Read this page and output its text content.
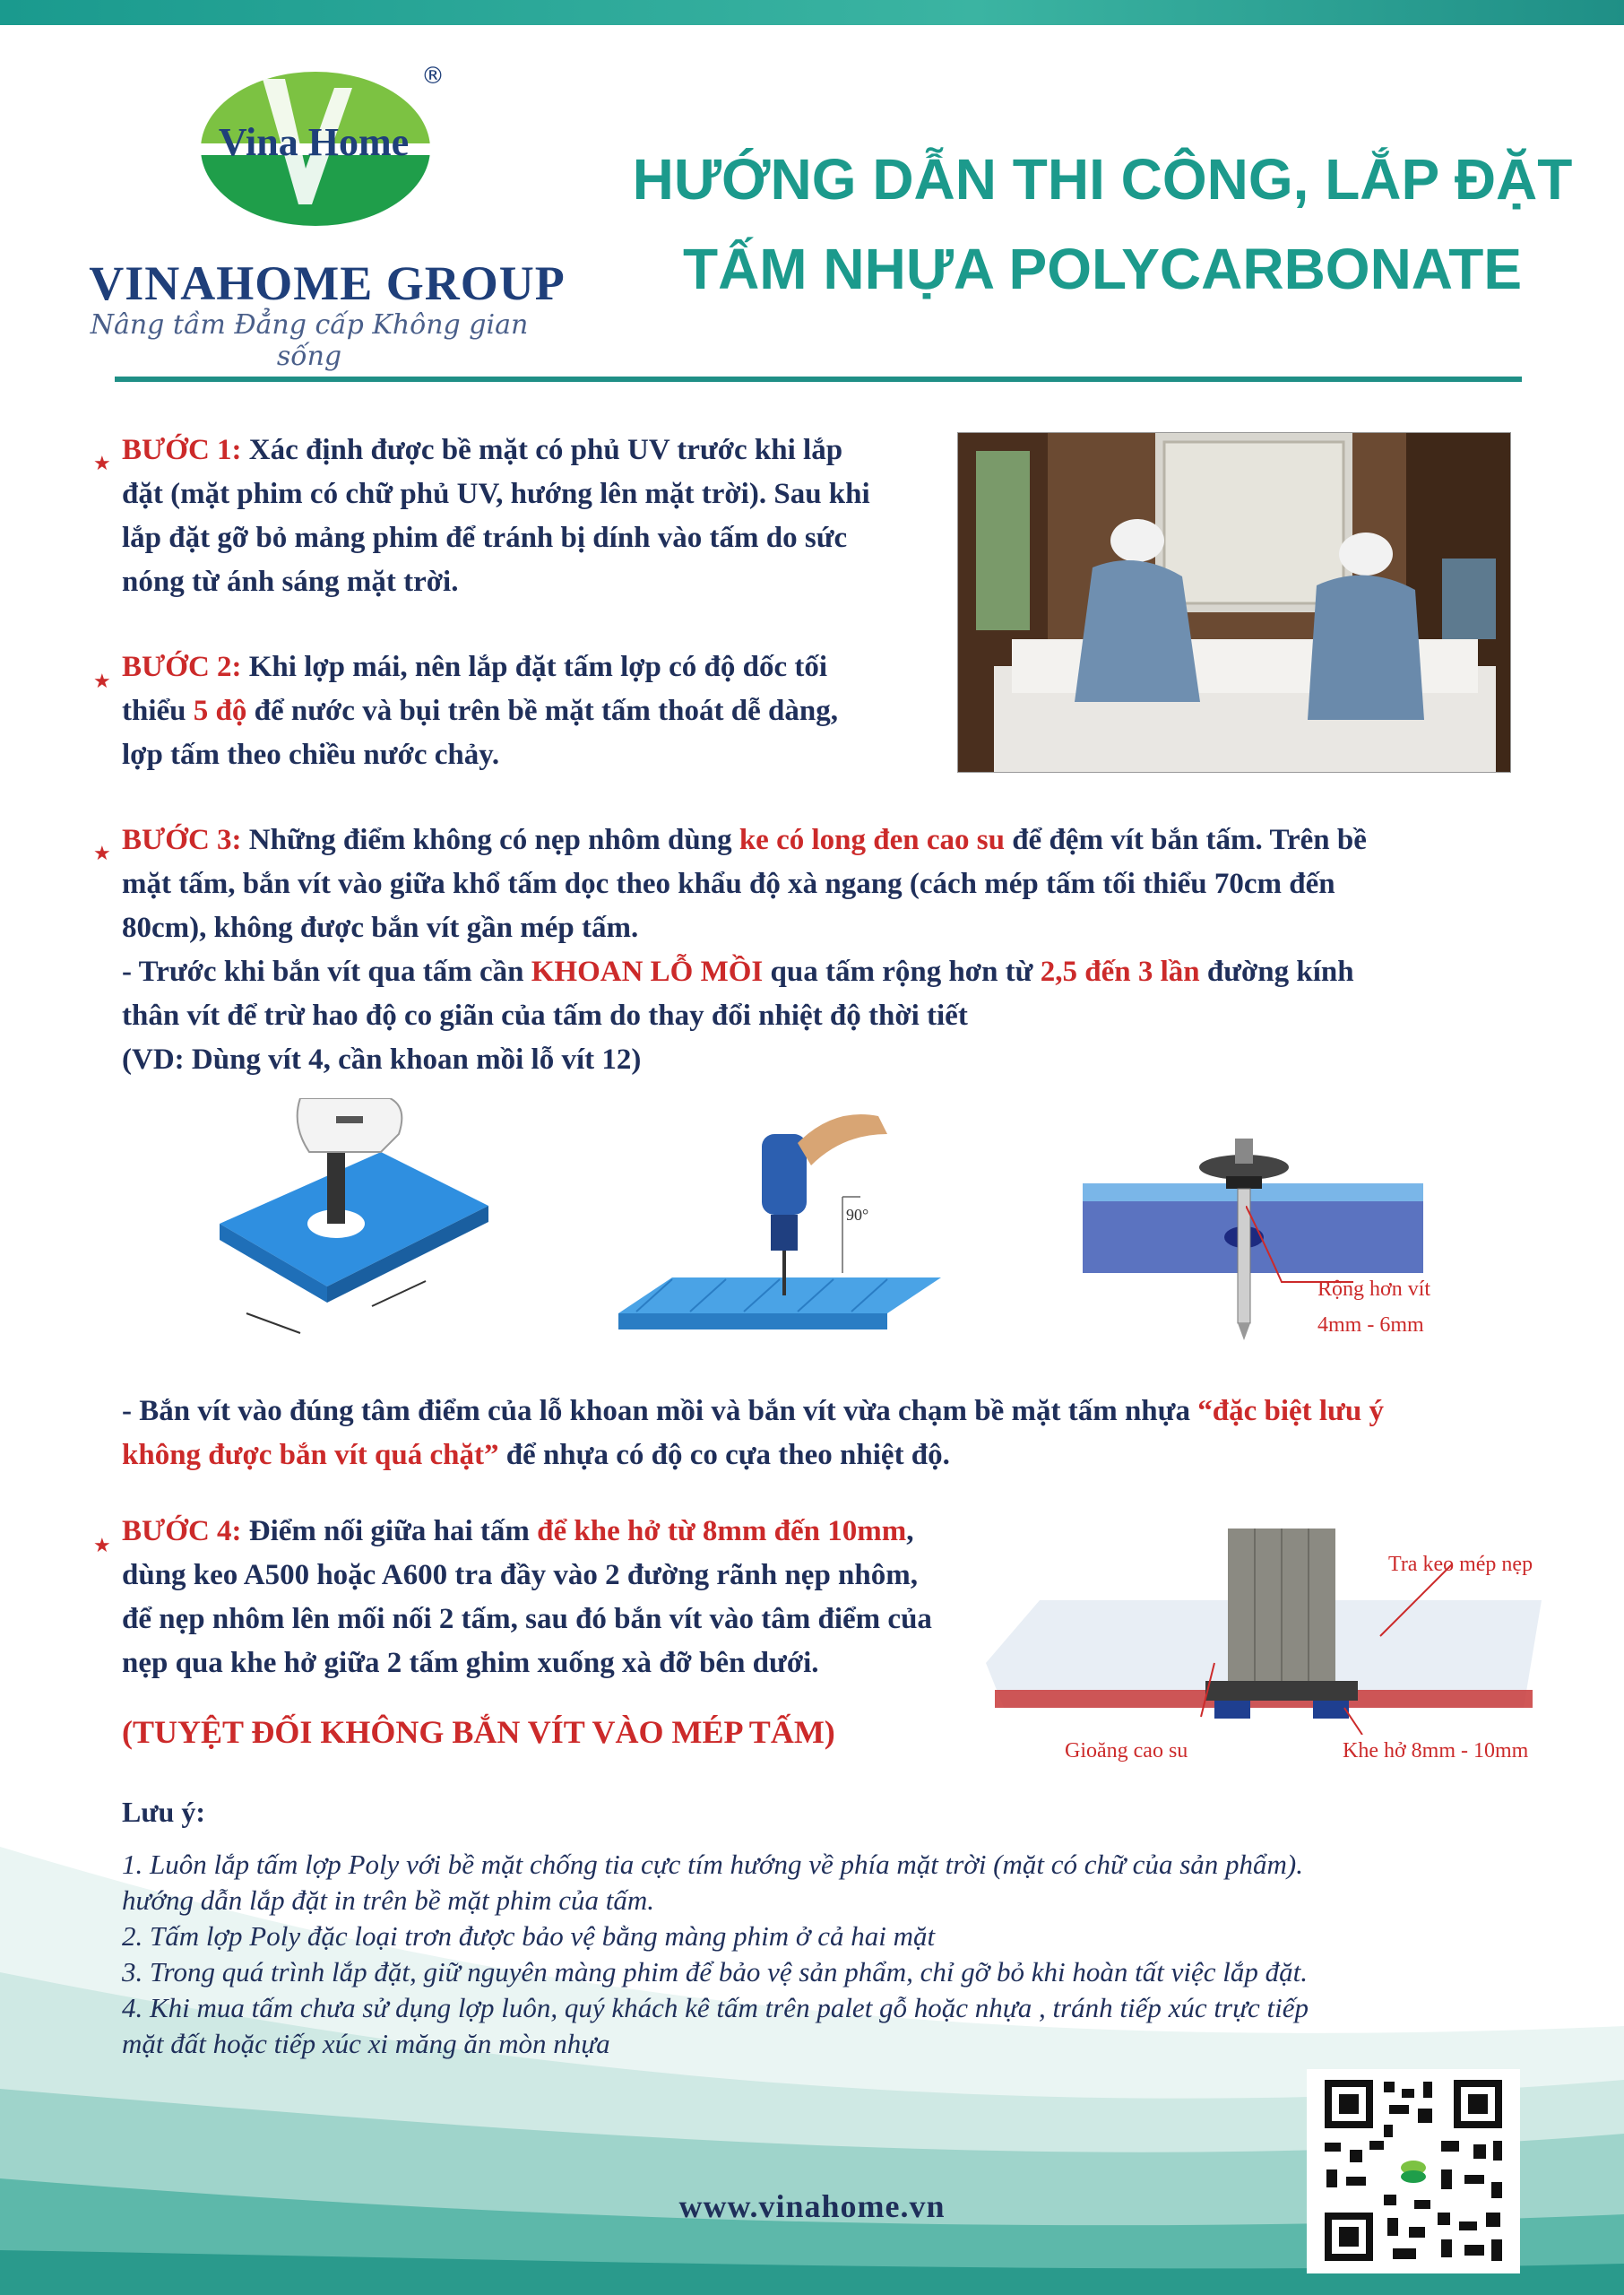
Vina Home
®
VINAHOME GROUP
Nâng tầm Đẳng cấp Không gian sống
HƯỚNG DẪN THI CÔNG, LẮP ĐẶT
TẤM NHỰA POLYCARBONATE
★ BƯỚC 1: Xác định được bề mặt có phủ UV trước khi lắp
đặt (mặt phim có chữ phủ UV, hướng lên mặt trời). Sau khi
lắp đặt gỡ bỏ mảng phim để tránh bị dính vào tấm do sức
nóng từ ánh sáng mặt trời.
★ BƯỚC 2: Khi lợp mái, nên lắp đặt tấm lợp có độ dốc tối
thiểu 5 độ để nước và bụi trên bề mặt tấm thoát dễ dàng,
lợp tấm theo chiều nước chảy.
★ BƯỚC 3: Những điểm không có nẹp nhôm dùng ke có long đen cao su để đệm vít bắn tấm. Trên bề
mặt tấm, bắn vít vào giữa khổ tấm dọc theo khẩu độ xà ngang (cách mép tấm tối thiểu 70cm đến
80cm), không được bắn vít gần mép tấm.
- Trước khi bắn vít qua tấm cần KHOAN LỖ MỒI qua tấm rộng hơn từ 2,5 đến 3 lần đường kính
thân vít để trừ hao độ co giãn của tấm do thay đổi nhiệt độ thời tiết
(VD: Dùng vít 4, cần khoan mồi lỗ vít 12)
90°
Rộng hơn vít
4mm - 6mm
- Bắn vít vào đúng tâm điểm của lỗ khoan mồi và bắn vít vừa chạm bề mặt tấm nhựa “đặc biệt lưu ý
không được bắn vít quá chặt” để nhựa có độ co cựa theo nhiệt độ.
★ BƯỚC 4: Điểm nối giữa hai tấm để khe hở từ 8mm đến 10mm,
dùng keo A500 hoặc A600 tra đầy vào 2 đường rãnh nẹp nhôm,
để nẹp nhôm lên mối nối 2 tấm, sau đó bắn vít vào tâm điểm của
nẹp qua khe hở giữa 2 tấm ghim xuống xà đỡ bên dưới.
(TUYỆT ĐỐI KHÔNG BẮN VÍT VÀO MÉP TẤM)
Tra keo mép nẹp
Gioăng cao su	Khe hở 8mm - 10mm
Lưu ý:
1. Luôn lắp tấm lợp Poly với bề mặt chống tia cực tím hướng về phía mặt trời (mặt có chữ của sản phẩm).
hướng dẫn lắp đặt in trên bề mặt phim của tấm.
2. Tấm lợp Poly đặc loại trơn được bảo vệ bằng màng phim ở cả hai mặt
3. Trong quá trình lắp đặt, giữ nguyên màng phim để bảo vệ sản phẩm, chỉ gỡ bỏ khi hoàn tất việc lắp đặt.
4. Khi mua tấm chưa sử dụng lợp luôn, quý khách kê tấm trên palet gỗ hoặc nhựa , tránh tiếp xúc trực tiếp
mặt đất hoặc tiếp xúc xi măng ăn mòn nhựa
www.vinahome.vn
